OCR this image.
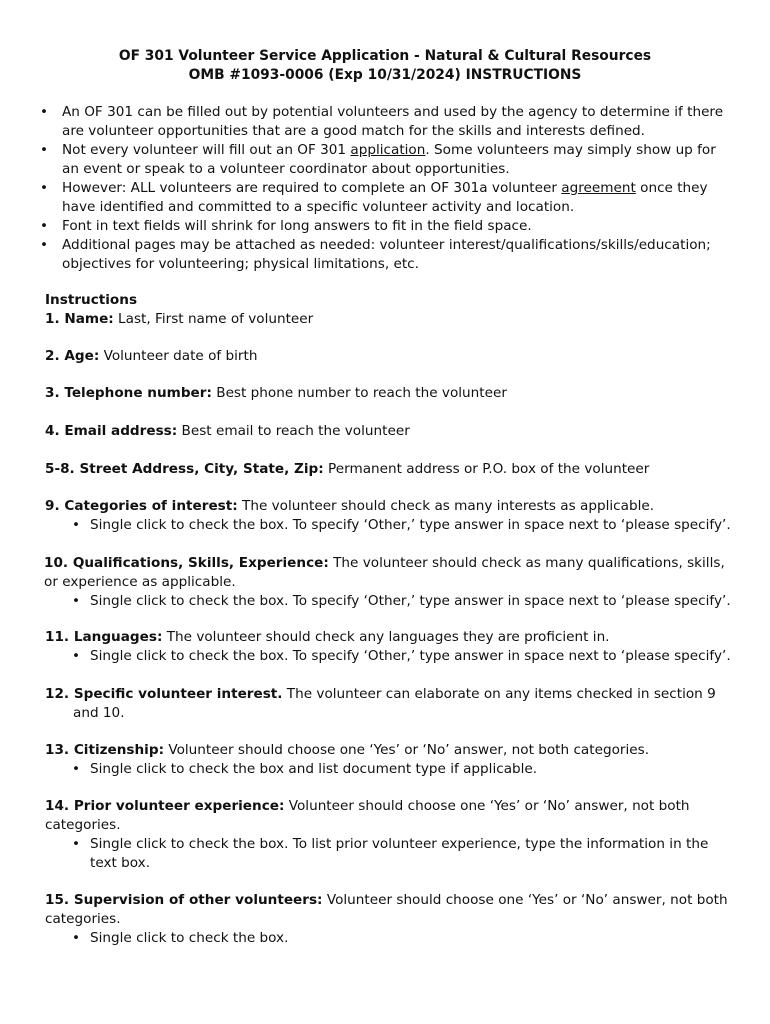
OF 301 Volunteer Service Application - Natural & Cultural Resources
OMB #1093-0006 (Exp 10/31/2024) INSTRUCTIONS
• An OF 301 can be filled out by potential volunteers and used by the agency to determine if there are volunteer opportunities that are a good match for the skills and interests defined.
• Not every volunteer will fill out an OF 301 application. Some volunteers may simply show up for an event or speak to a volunteer coordinator about opportunities.
• However: ALL volunteers are required to complete an OF 301a volunteer agreement once they have identified and committed to a specific volunteer activity and location.
• Font in text fields will shrink for long answers to fit in the field space.
• Additional pages may be attached as needed: volunteer interest/qualifications/skills/education; objectives for volunteering; physical limitations, etc.
Instructions
1. Name: Last, First name of volunteer
2. Age: Volunteer date of birth
3. Telephone number: Best phone number to reach the volunteer
4. Email address: Best email to reach the volunteer
5-8. Street Address, City, State, Zip: Permanent address or P.O. box of the volunteer
9. Categories of interest: The volunteer should check as many interests as applicable.
• Single click to check the box. To specify ‘Other,’ type answer in space next to ‘please specify’.
10. Qualifications, Skills, Experience: The volunteer should check as many qualifications, skills, or experience as applicable.
• Single click to check the box. To specify ‘Other,’ type answer in space next to ‘please specify’.
11. Languages: The volunteer should check any languages they are proficient in.
• Single click to check the box. To specify ‘Other,’ type answer in space next to ‘please specify’.
12. Specific volunteer interest. The volunteer can elaborate on any items checked in section 9
and 10.
13. Citizenship: Volunteer should choose one ‘Yes’ or ‘No’ answer, not both categories.
• Single click to check the box and list document type if applicable.
14. Prior volunteer experience: Volunteer should choose one ‘Yes’ or ‘No’ answer, not both categories.
• Single click to check the box. To list prior volunteer experience, type the information in the text box.
15. Supervision of other volunteers: Volunteer should choose one ‘Yes’ or ‘No’ answer, not both categories.
• Single click to check the box.
